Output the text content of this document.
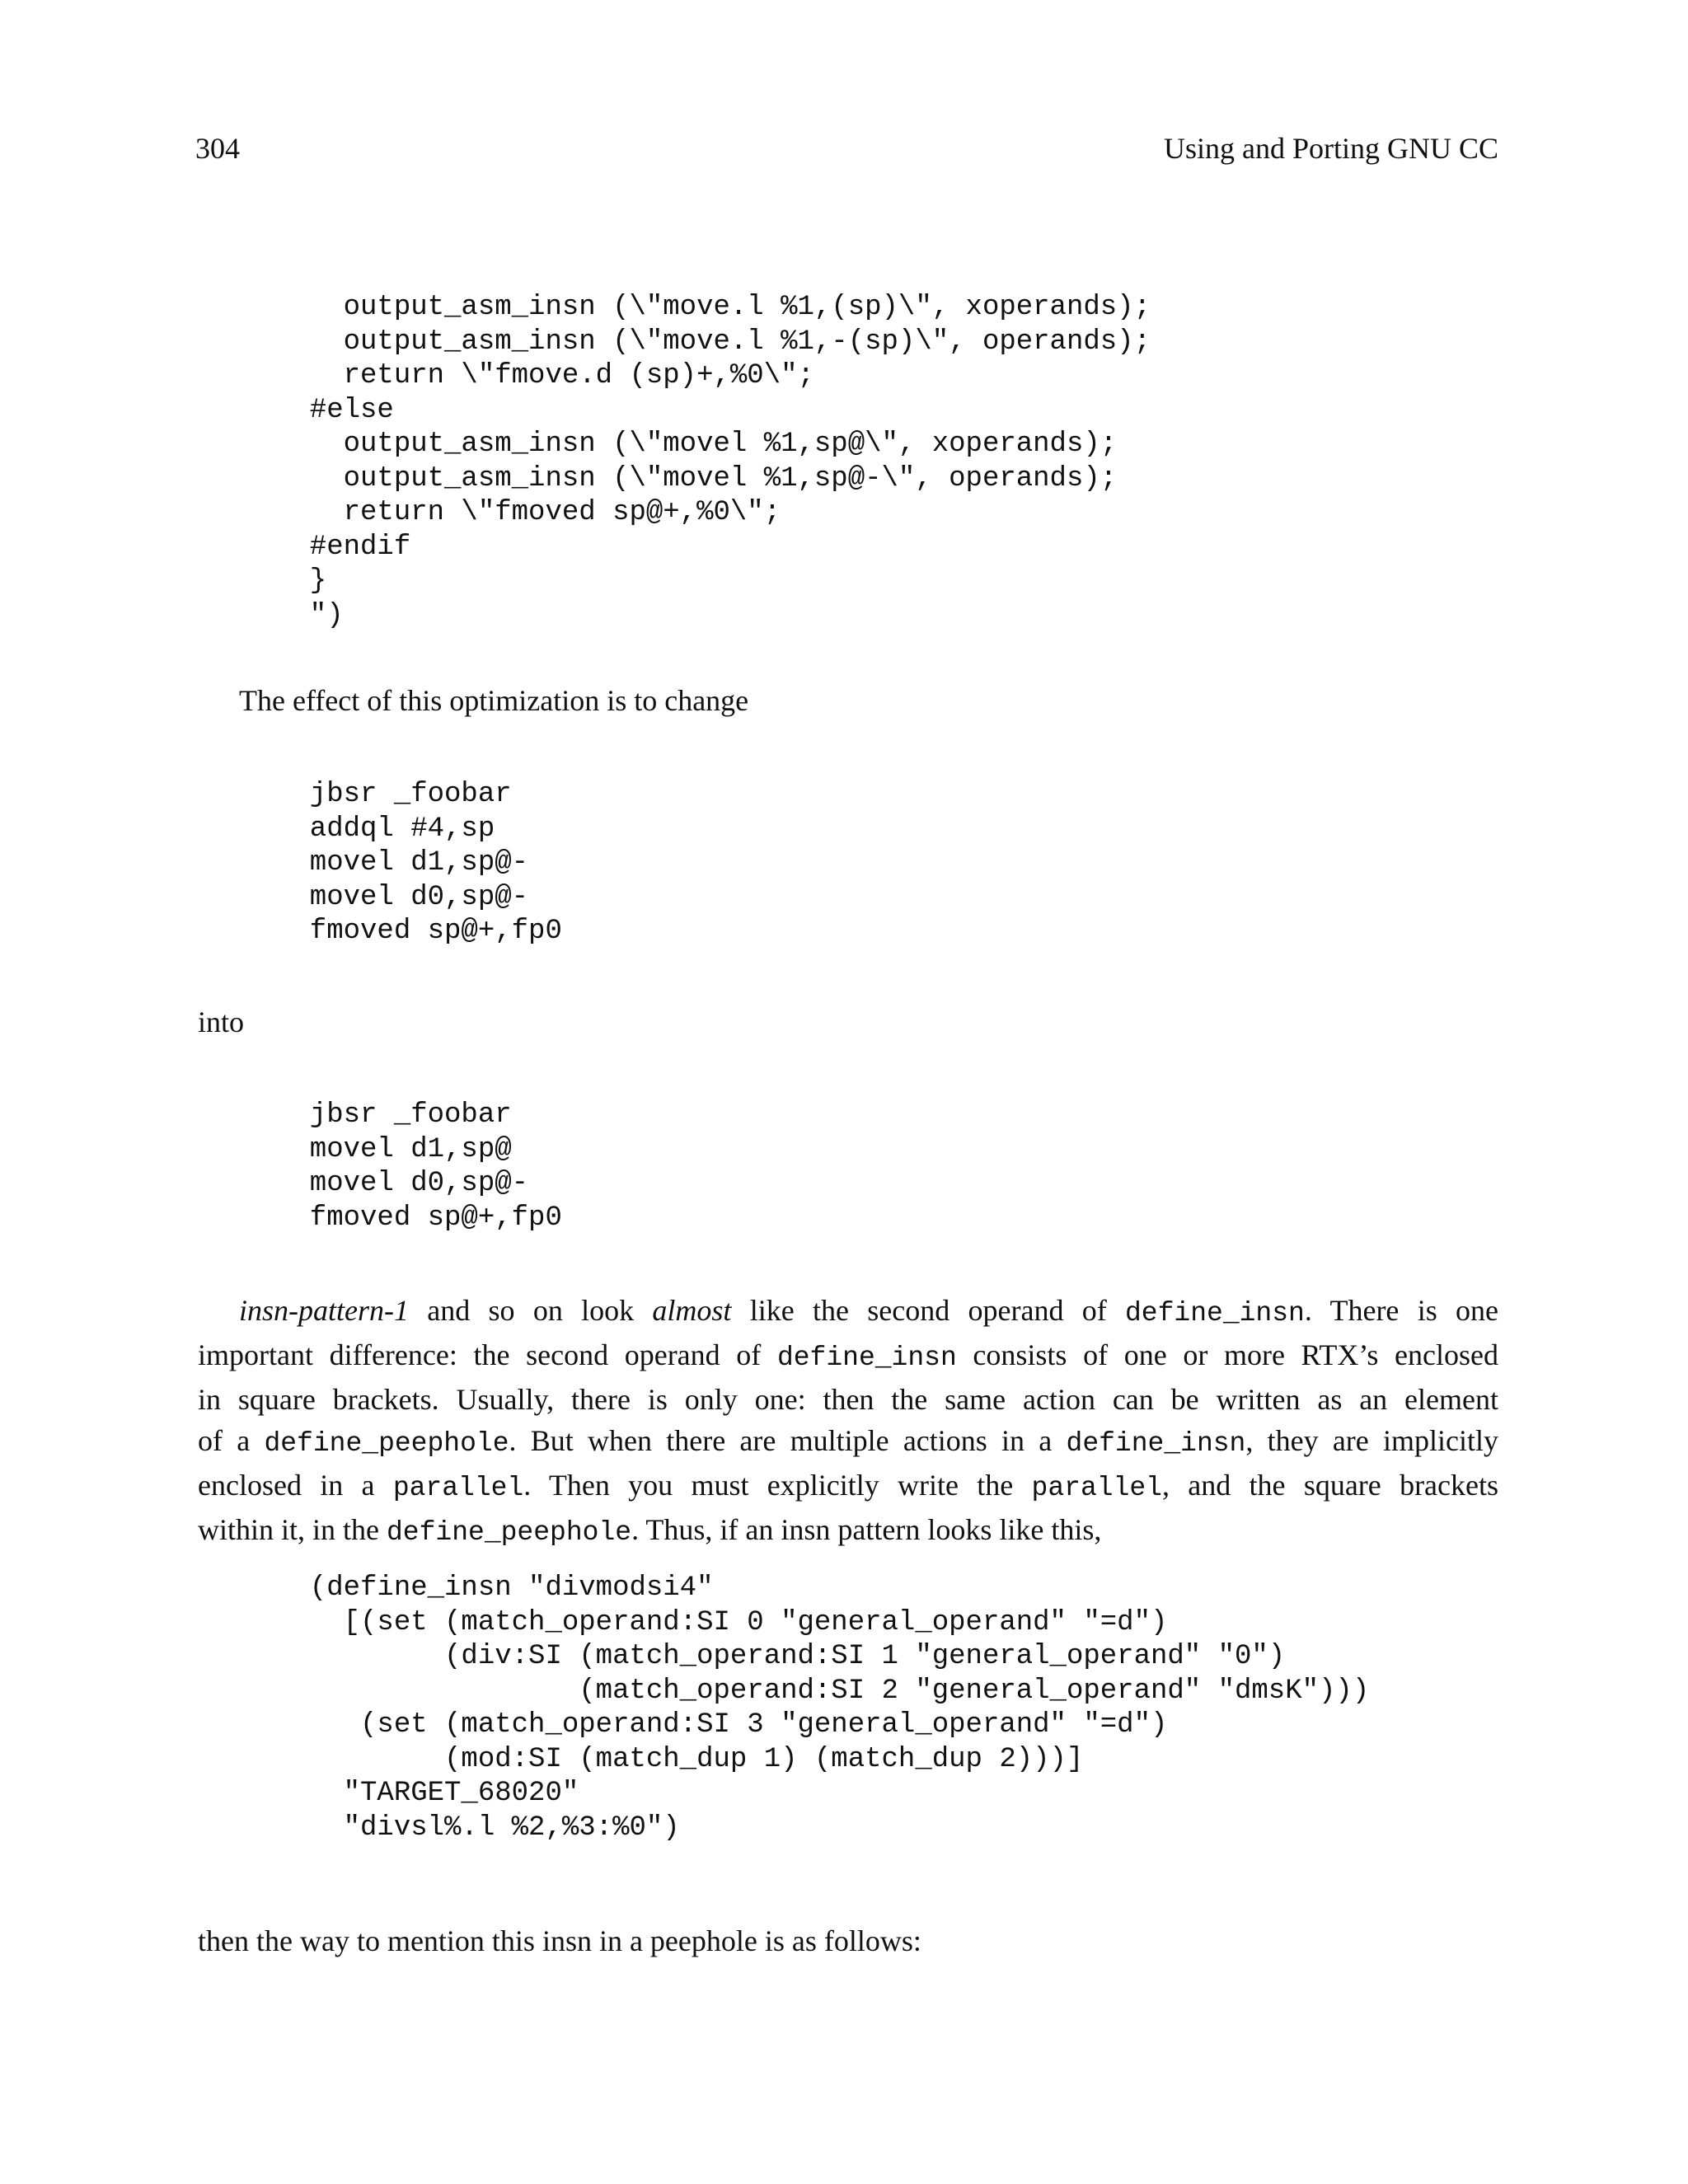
304	Using and Porting GNU CC
output_asm_insn (\"move.l %1,(sp)\", xoperands);
output_asm_insn (\"move.l %1,-(sp)\", operands);
return \"fmove.d (sp)+,%0\";
#else
output_asm_insn (\"movel %1,sp@\", xoperands);
output_asm_insn (\"movel %1,sp@-\", operands);
return \"fmoved sp@+,%0\";
#endif
}
")
The effect of this optimization is to change
jbsr _foobar
addql #4,sp
movel d1,sp@-
movel d0,sp@-
fmoved sp@+,fp0
into
jbsr _foobar
movel d1,sp@
movel d0,sp@-
fmoved sp@+,fp0
insn-pattern-1 and so on look almost like the second operand of define_insn. There is one
important difference: the second operand of define_insn consists of one or more RTX’s enclosed
in square brackets. Usually, there is only one: then the same action can be written as an element
of a define_peephole. But when there are multiple actions in a define_insn, they are implicitly
enclosed in a parallel. Then you must explicitly write the parallel, and the square brackets
within it, in the define_peephole. Thus, if an insn pattern looks like this,
(define_insn "divmodsi4"
[(set (match_operand:SI 0 "general_operand" "=d")
(div:SI (match_operand:SI 1 "general_operand" "0")
(match_operand:SI 2 "general_operand" "dmsK")))
(set (match_operand:SI 3 "general_operand" "=d")
(mod:SI (match_dup 1) (match_dup 2)))]
"TARGET_68020"
"divsl%.l %2,%3:%0")
then the way to mention this insn in a peephole is as follows:
